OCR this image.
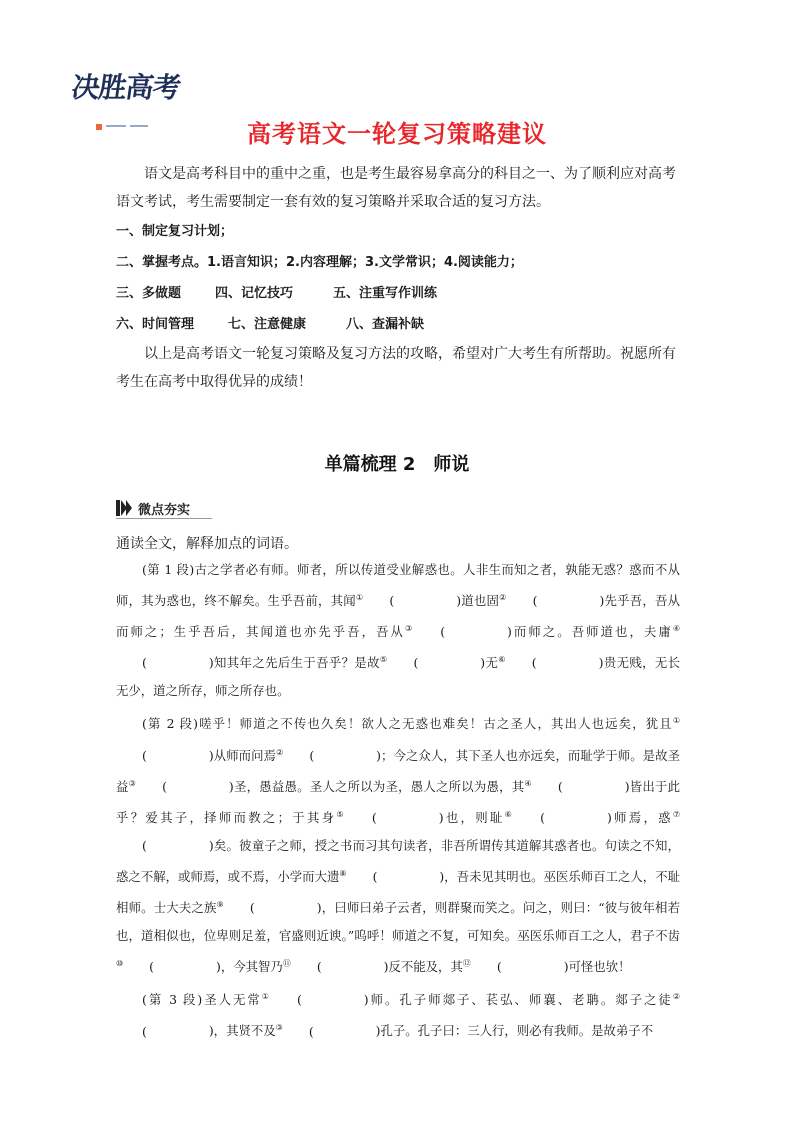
决胜高考
高考语文一轮复习策略建议

语文是高考科目中的重中之重，也是考生最容易拿高分的科目之一、为了顺利应对高考语文考试，考生需要制定一套有效的复习策略并采取合适的复习方法。

一、制定复习计划；

二、掌握考点。1.语言知识；2.内容理解；3.文学常识；4.阅读能力；

三、多做题	四、记忆技巧	五、注重写作训练

六、时间管理	七、注意健康	八、查漏补缺

以上是高考语文一轮复习策略及复习方法的攻略，希望对广大考生有所帮助。祝愿所有考生在高考中取得优异的成绩！

单篇梳理 2　师说
微点夯实
通读全文，解释加点的词语。

(第 1 段)古之学者必有师。师者，所以传道受业解惑也。人非生而知之者，孰能无惑？惑而不从师，其为惑也，终不解矣。生乎吾前，其闻① (	)道也固② (	)先乎吾，吾从而师之；生乎吾后，其闻道也亦先乎吾，吾从③ (	)而师之。吾师道也，夫庸④(	)知其年之先后生于吾乎？是故⑤ (	)无⑥ (	)贵无贱，无长无少，道之所存，师之所存也。

(第 2 段)嗟乎！师道之不传也久矣！欲人之无惑也难矣！古之圣人，其出人也远矣，犹且①(	)从师而问焉② (	)；今之众人，其下圣人也亦远矣，而耻学于师。是故圣益③ (	)圣，愚益愚。圣人之所以为圣，愚人之所以为愚，其④ (	)皆出于此乎？爱其子，择师而教之；于其身⑤ (	)也，则耻⑥ (	)师焉，惑⑦(	)矣。彼童子之师，授之书而习其句读者，非吾所谓传其道解其惑者也。句读之不知，惑之不解，或师焉，或不焉，小学而大遗⑧ (	)，吾未见其明也。巫医乐师百工之人，不耻相师。士大夫之族⑨ (	)，曰师曰弟子云者，则群聚而笑之。问之，则曰：“彼与彼年相若也，道相似也，位卑则足羞，官盛则近谀。”呜呼！师道之不复，可知矣。巫医乐师百工之人，君子不齿⑩ (	)，今其智乃⑪ (	)反不能及，其⑫ (	)可怪也欤！

(第 3 段)圣人无常① (	)师。孔子师郯子、苌弘、师襄、老聃。郯子之徒②(	)，其贤不及③ (	)孔子。孔子曰：三人行，则必有我师。是故弟子不
